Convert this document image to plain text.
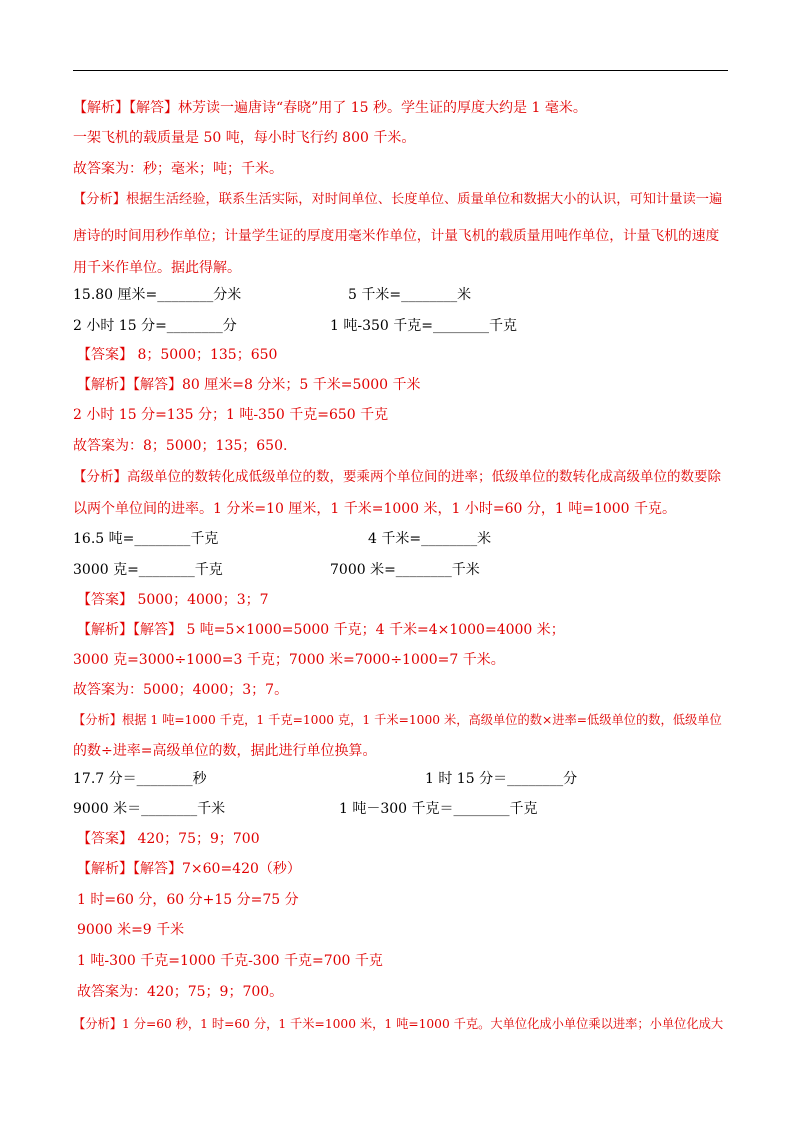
【解析】【解答】林芳读一遍唐诗“春晓”用了 15 秒。学生证的厚度大约是 1 毫米。
一架飞机的载质量是 50 吨，每小时飞行约 800 千米。
故答案为：秒；毫米；吨；千米。
【分析】根据生活经验，联系生活实际，对时间单位、长度单位、质量单位和数据大小的认识，可知计量读一遍
唐诗的时间用秒作单位；计量学生证的厚度用毫米作单位，计量飞机的载质量用吨作单位，计量飞机的速度
用千米作单位。据此得解。
15.80 厘米=________分米	5 千米=________米
2 小时 15 分=________分	1 吨-350 千克=________千克
【答案】 8；5000；135；650
【解析】【解答】80 厘米=8 分米；5 千米=5000 千米
2 小时 15 分=135 分；1 吨-350 千克=650 千克
故答案为：8；5000；135；650.
【分析】高级单位的数转化成低级单位的数，要乘两个单位间的进率；低级单位的数转化成高级单位的数要除
以两个单位间的进率。1 分米=10 厘米，1 千米=1000 米，1 小时=60 分，1 吨=1000 千克。
16.5 吨=________千克	4 千米=________米
3000 克=________千克	7000 米=________千米
【答案】 5000；4000；3；7
【解析】【解答】 5 吨=5×1000=5000 千克；4 千米=4×1000=4000 米；
3000 克=3000÷1000=3 千克；7000 米=7000÷1000=7 千米。
故答案为：5000；4000；3；7。
【分析】根据 1 吨=1000 千克，1 千克=1000 克，1 千米=1000 米，高级单位的数×进率=低级单位的数，低级单位
的数÷进率=高级单位的数，据此进行单位换算。
17.7 分＝________秒	1 时 15 分＝________分
9000 米＝________千米	1 吨－300 千克＝________千克
【答案】 420；75；9；700
【解析】【解答】7×60=420（秒）
1 时=60 分，60 分+15 分=75 分
9000 米=9 千米
1 吨-300 千克=1000 千克-300 千克=700 千克
故答案为：420；75；9；700。
【分析】1 分=60 秒，1 时=60 分，1 千米=1000 米，1 吨=1000 千克。大单位化成小单位乘以进率；小单位化成大
